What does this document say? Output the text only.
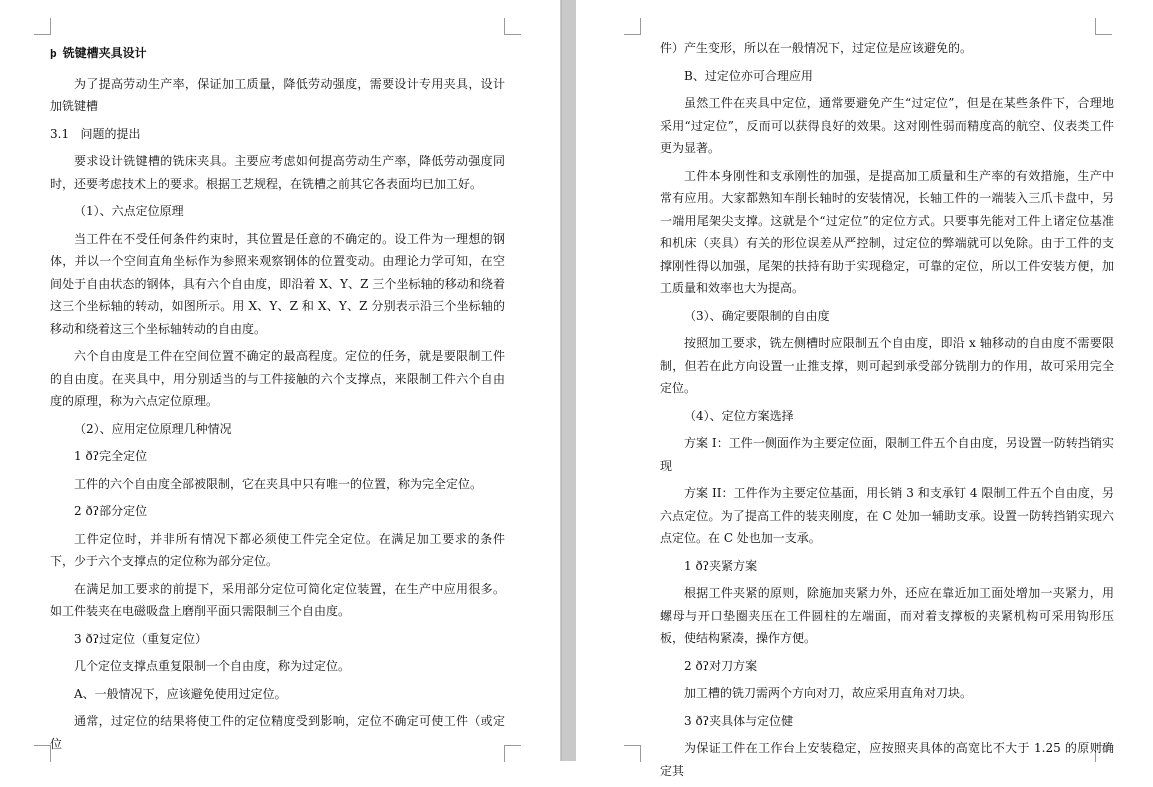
þ 铣键槽夹具设计
为了提高劳动生产率，保证加工质量，降低劳动强度，需要设计专用夹具，设计加铣键槽
3.1   问题的提出
要求设计铣键槽的铣床夹具。主要应考虑如何提高劳动生产率，降低劳动强度同时，还要考虑技术上的要求。根据工艺规程，在铣槽之前其它各表面均已加工好。
（1）、六点定位原理
当工件在不受任何条件约束时，其位置是任意的不确定的。设工件为一理想的钢体，并以一个空间直角坐标作为参照来观察钢体的位置变动。由理论力学可知，在空间处于自由状态的钢体，具有六个自由度，即沿着 X、Y、Z 三个坐标轴的移动和绕着这三个坐标轴的转动，如图所示。用 X、Y、Z 和 X、Y、Z 分别表示沿三个坐标轴的移动和绕着这三个坐标轴转动的自由度。
六个自由度是工件在空间位置不确定的最高程度。定位的任务，就是要限制工件的自由度。在夹具中，用分别适当的与工件接触的六个支撑点，来限制工件六个自由度的原理，称为六点定位原理。
（2）、应用定位原理几种情况
1 ðʔ完全定位
工件的六个自由度全部被限制，它在夹具中只有唯一的位置，称为完全定位。
2 ðʔ部分定位
工件定位时，并非所有情况下都必须使工件完全定位。在满足加工要求的条件下，少于六个支撑点的定位称为部分定位。
在满足加工要求的前提下，采用部分定位可简化定位装置，在生产中应用很多。如工件装夹在电磁吸盘上磨削平面只需限制三个自由度。
3 ðʔ过定位（重复定位）
几个定位支撑点重复限制一个自由度，称为过定位。
A、一般情况下，应该避免使用过定位。
通常，过定位的结果将使工件的定位精度受到影响，定位不确定可使工件（或定位
件）产生变形，所以在一般情况下，过定位是应该避免的。
B、过定位亦可合理应用
虽然工件在夹具中定位，通常要避免产生“过定位”，但是在某些条件下，合理地采用“过定位”，反而可以获得良好的效果。这对刚性弱而精度高的航空、仪表类工件更为显著。
工件本身刚性和支承刚性的加强，是提高加工质量和生产率的有效措施，生产中常有应用。大家都熟知车削长轴时的安装情况，长轴工件的一端装入三爪卡盘中，另一端用尾架尖支撑。这就是个“过定位”的定位方式。只要事先能对工件上诸定位基准和机床（夹具）有关的形位误差从严控制，过定位的弊端就可以免除。由于工件的支撑刚性得以加强，尾架的扶持有助于实现稳定，可靠的定位，所以工件安装方便，加工质量和效率也大为提高。
（3）、确定要限制的自由度
按照加工要求，铣左侧槽时应限制五个自由度，即沿 x 轴移动的自由度不需要限制，但若在此方向设置一止推支撑，则可起到承受部分铣削力的作用，故可采用完全定位。
（4）、定位方案选择
方案 I：工件一侧面作为主要定位面，限制工件五个自由度，另设置一防转挡销实现
方案 II：工件作为主要定位基面，用长销 3 和支承钉 4 限制工件五个自由度，另六点定位。为了提高工件的装夹刚度，在 C 处加一辅助支承。设置一防转挡销实现六点定位。在 C 处也加一支承。
1 ðʔ夹紧方案
根据工件夹紧的原则，除施加夹紧力外，还应在靠近加工面处增加一夹紧力，用螺母与开口垫圈夹压在工件圆柱的左端面，而对着支撑板的夹紧机构可采用钩形压板，使结构紧凑，操作方便。
2 ðʔ对刀方案
加工槽的铣刀需两个方向对刀，故应采用直角对刀块。
3 ðʔ夹具体与定位健
为保证工件在工作台上安装稳定，应按照夹具体的高宽比不大于 1.25 的原则确定其
